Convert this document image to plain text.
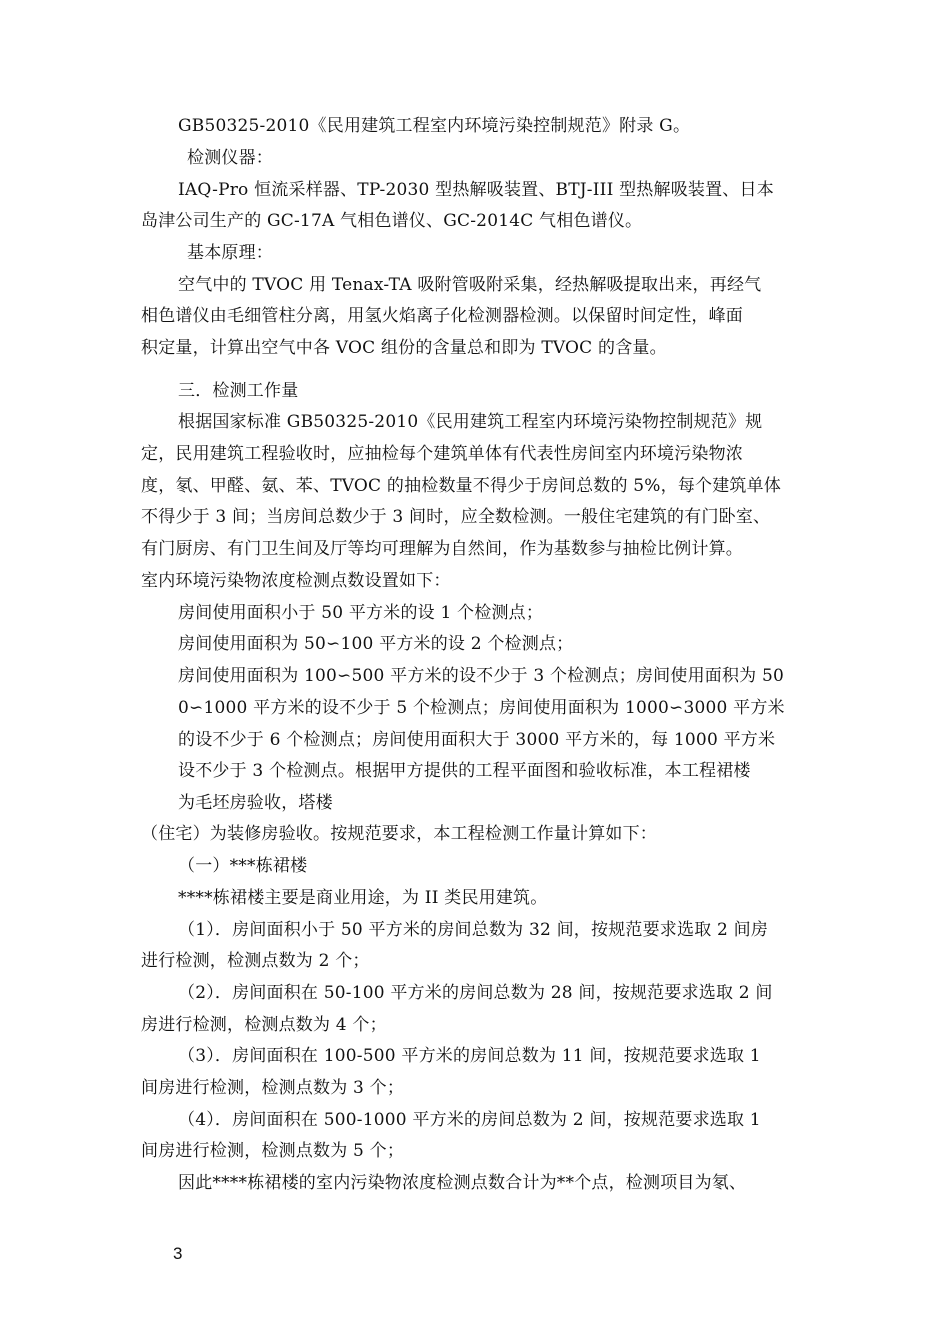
GB50325-2010《民用建筑工程室内环境污染控制规范》附录 G。
检测仪器：
IAQ-Pro 恒流采样器、TP-2030 型热解吸装置、BTJ-III 型热解吸装置、日本
岛津公司生产的 GC-17A 气相色谱仪、GC-2014C 气相色谱仪。
基本原理：
空气中的 TVOC 用 Tenax-TA 吸附管吸附采集，经热解吸提取出来，再经气
相色谱仪由毛细管柱分离，用氢火焰离子化检测器检测。以保留时间定性，峰面
积定量，计算出空气中各 VOC 组份的含量总和即为 TVOC 的含量。
三．检测工作量
根据国家标准 GB50325-2010《民用建筑工程室内环境污染物控制规范》规
定，民用建筑工程验收时，应抽检每个建筑单体有代表性房间室内环境污染物浓
度，氡、甲醛、氨、苯、TVOC 的抽检数量不得少于房间总数的 5%，每个建筑单体
不得少于 3 间；当房间总数少于 3 间时，应全数检测。一般住宅建筑的有门卧室、
有门厨房、有门卫生间及厅等均可理解为自然间，作为基数参与抽检比例计算。
室内环境污染物浓度检测点数设置如下：
房间使用面积小于 50 平方米的设 1 个检测点；
房间使用面积为 50∽100 平方米的设 2 个检测点；
房间使用面积为 100∽500 平方米的设不少于 3 个检测点；房间使用面积为 50
0∽1000 平方米的设不少于 5 个检测点；房间使用面积为 1000∽3000 平方米
的设不少于 6 个检测点；房间使用面积大于 3000 平方米的，每 1000 平方米
设不少于 3 个检测点。根据甲方提供的工程平面图和验收标准，本工程裙楼
为毛坯房验收，塔楼
（住宅）为装修房验收。按规范要求，本工程检测工作量计算如下：
（一）***栋裙楼
****栋裙楼主要是商业用途，为 II 类民用建筑。
（1）．房间面积小于 50 平方米的房间总数为 32 间，按规范要求选取 2 间房
进行检测，检测点数为 2 个；
（2）．房间面积在 50-100 平方米的房间总数为 28 间，按规范要求选取 2 间
房进行检测，检测点数为 4 个；
（3）．房间面积在 100-500 平方米的房间总数为 11 间，按规范要求选取 1
间房进行检测，检测点数为 3 个；
（4）．房间面积在 500-1000 平方米的房间总数为 2 间，按规范要求选取 1
间房进行检测，检测点数为 5 个；
因此****栋裙楼的室内污染物浓度检测点数合计为**个点，检测项目为氡、
3
